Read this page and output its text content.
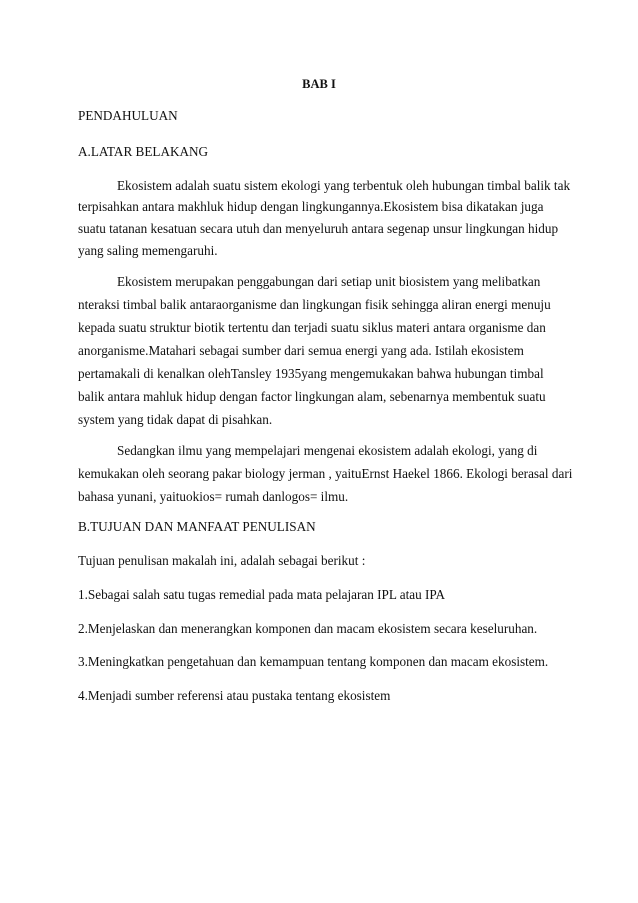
BAB I
PENDAHULUAN
A.LATAR BELAKANG
Ekosistem adalah suatu sistem ekologi yang terbentuk oleh hubungan timbal balik tak
terpisahkan antara makhluk hidup dengan lingkungannya.Ekosistem bisa dikatakan juga
suatu tatanan kesatuan secara utuh dan menyeluruh antara segenap unsur lingkungan hidup
yang saling memengaruhi.
Ekosistem merupakan penggabungan dari setiap unit biosistem yang melibatkan
nteraksi timbal balik antaraorganisme dan lingkungan fisik sehingga aliran energi menuju
kepada suatu struktur biotik tertentu dan terjadi suatu siklus materi antara organisme dan
anorganisme.Matahari sebagai sumber dari semua energi yang ada. Istilah ekosistem
pertamakali di kenalkan olehTansley 1935yang mengemukakan bahwa hubungan timbal
balik antara mahluk hidup dengan factor lingkungan alam, sebenarnya membentuk suatu
system yang tidak dapat di pisahkan.
Sedangkan ilmu yang mempelajari mengenai ekosistem adalah ekologi, yang di
kemukakan oleh seorang pakar biology jerman , yaituErnst Haekel 1866. Ekologi berasal dari
bahasa yunani, yaituokios= rumah danlogos= ilmu.
B.TUJUAN DAN MANFAAT PENULISAN
Tujuan penulisan makalah ini, adalah sebagai berikut :
1.Sebagai salah satu tugas remedial pada mata pelajaran IPL atau IPA
2.Menjelaskan dan menerangkan komponen dan macam ekosistem secara keseluruhan.
3.Meningkatkan pengetahuan dan kemampuan tentang komponen dan macam ekosistem.
4.Menjadi sumber referensi atau pustaka tentang ekosistem
